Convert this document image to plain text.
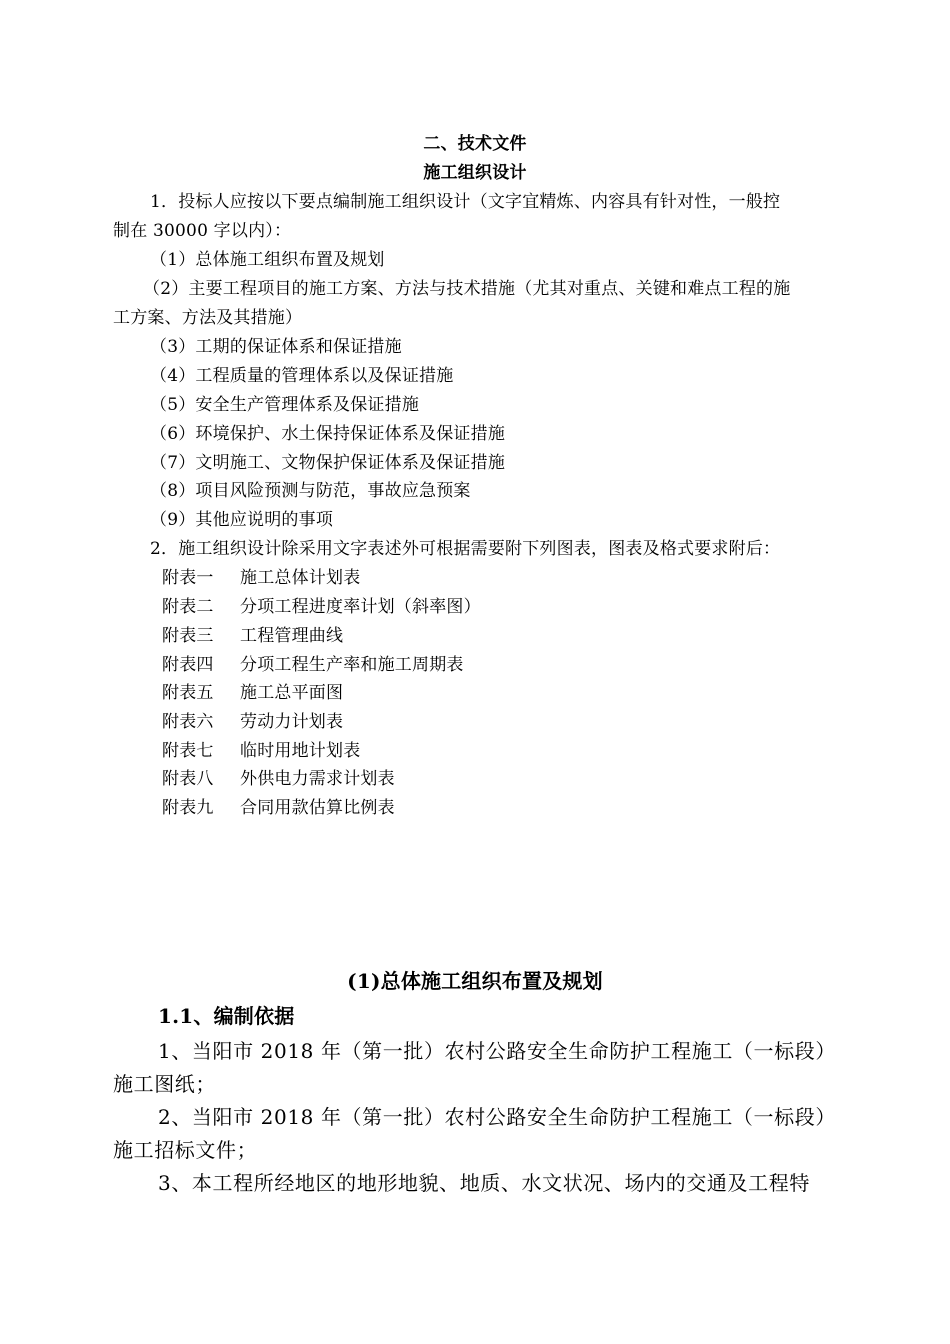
二、技术文件
施工组织设计
1．投标人应按以下要点编制施工组织设计（文字宜精炼、内容具有针对性，一般控
制在 30000 字以内）：
（1）总体施工组织布置及规划
（2）主要工程项目的施工方案、方法与技术措施（尤其对重点、关键和难点工程的施
工方案、方法及其措施）
（3）工期的保证体系和保证措施
（4）工程质量的管理体系以及保证措施
（5）安全生产管理体系及保证措施
（6）环境保护、水土保持保证体系及保证措施
（7）文明施工、文物保护保证体系及保证措施
（8）项目风险预测与防范，事故应急预案
（9）其他应说明的事项
2．施工组织设计除采用文字表述外可根据需要附下列图表，图表及格式要求附后：
附表一 施工总体计划表
附表二 分项工程进度率计划（斜率图）
附表三 工程管理曲线
附表四 分项工程生产率和施工周期表
附表五 施工总平面图
附表六 劳动力计划表
附表七 临时用地计划表
附表八 外供电力需求计划表
附表九 合同用款估算比例表
(1)总体施工组织布置及规划
1.1、编制依据
1、当阳市 2018 年（第一批）农村公路安全生命防护工程施工（一标段）
施工图纸；
2、当阳市 2018 年（第一批）农村公路安全生命防护工程施工（一标段）
施工招标文件；
3、本工程所经地区的地形地貌、地质、水文状况、场内的交通及工程特
